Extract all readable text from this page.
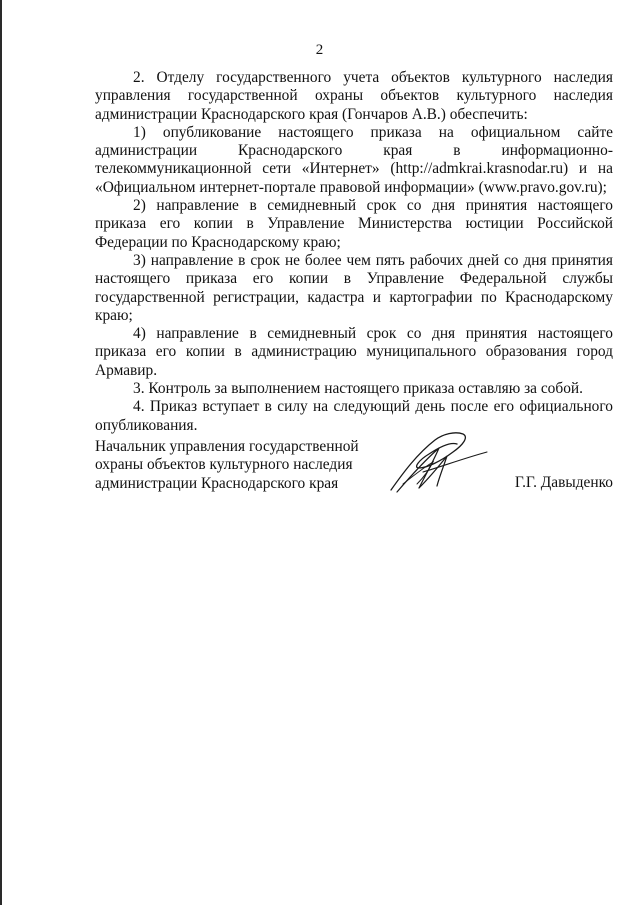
2

2. Отделу государственного учета объектов культурного наследия управления государственной охраны объектов культурного наследия администрации Краснодарского края (Гончаров А.В.) обеспечить:

1) опубликование настоящего приказа на официальном сайте администрации Краснодарского края в информационно-телекоммуникационной сети «Интернет» (http://admkrai.krasnodar.ru) и на «Официальном интернет-портале правовой информации» (www.pravo.gov.ru);

2) направление в семидневный срок со дня принятия настоящего приказа его копии в Управление Министерства юстиции Российской Федерации по Краснодарскому краю;

3) направление в срок не более чем пять рабочих дней со дня принятия настоящего приказа его копии в Управление Федеральной службы государственной регистрации, кадастра и картографии по Краснодарскому краю;

4) направление в семидневный срок со дня принятия настоящего приказа его копии в администрацию муниципального образования город Армавир.

3. Контроль за выполнением настоящего приказа оставляю за собой.

4. Приказ вступает в силу на следующий день после его официального опубликования.

Начальник управления государственной
охраны объектов культурного наследия
администрации Краснодарского края	Г.Г. Давыденко
